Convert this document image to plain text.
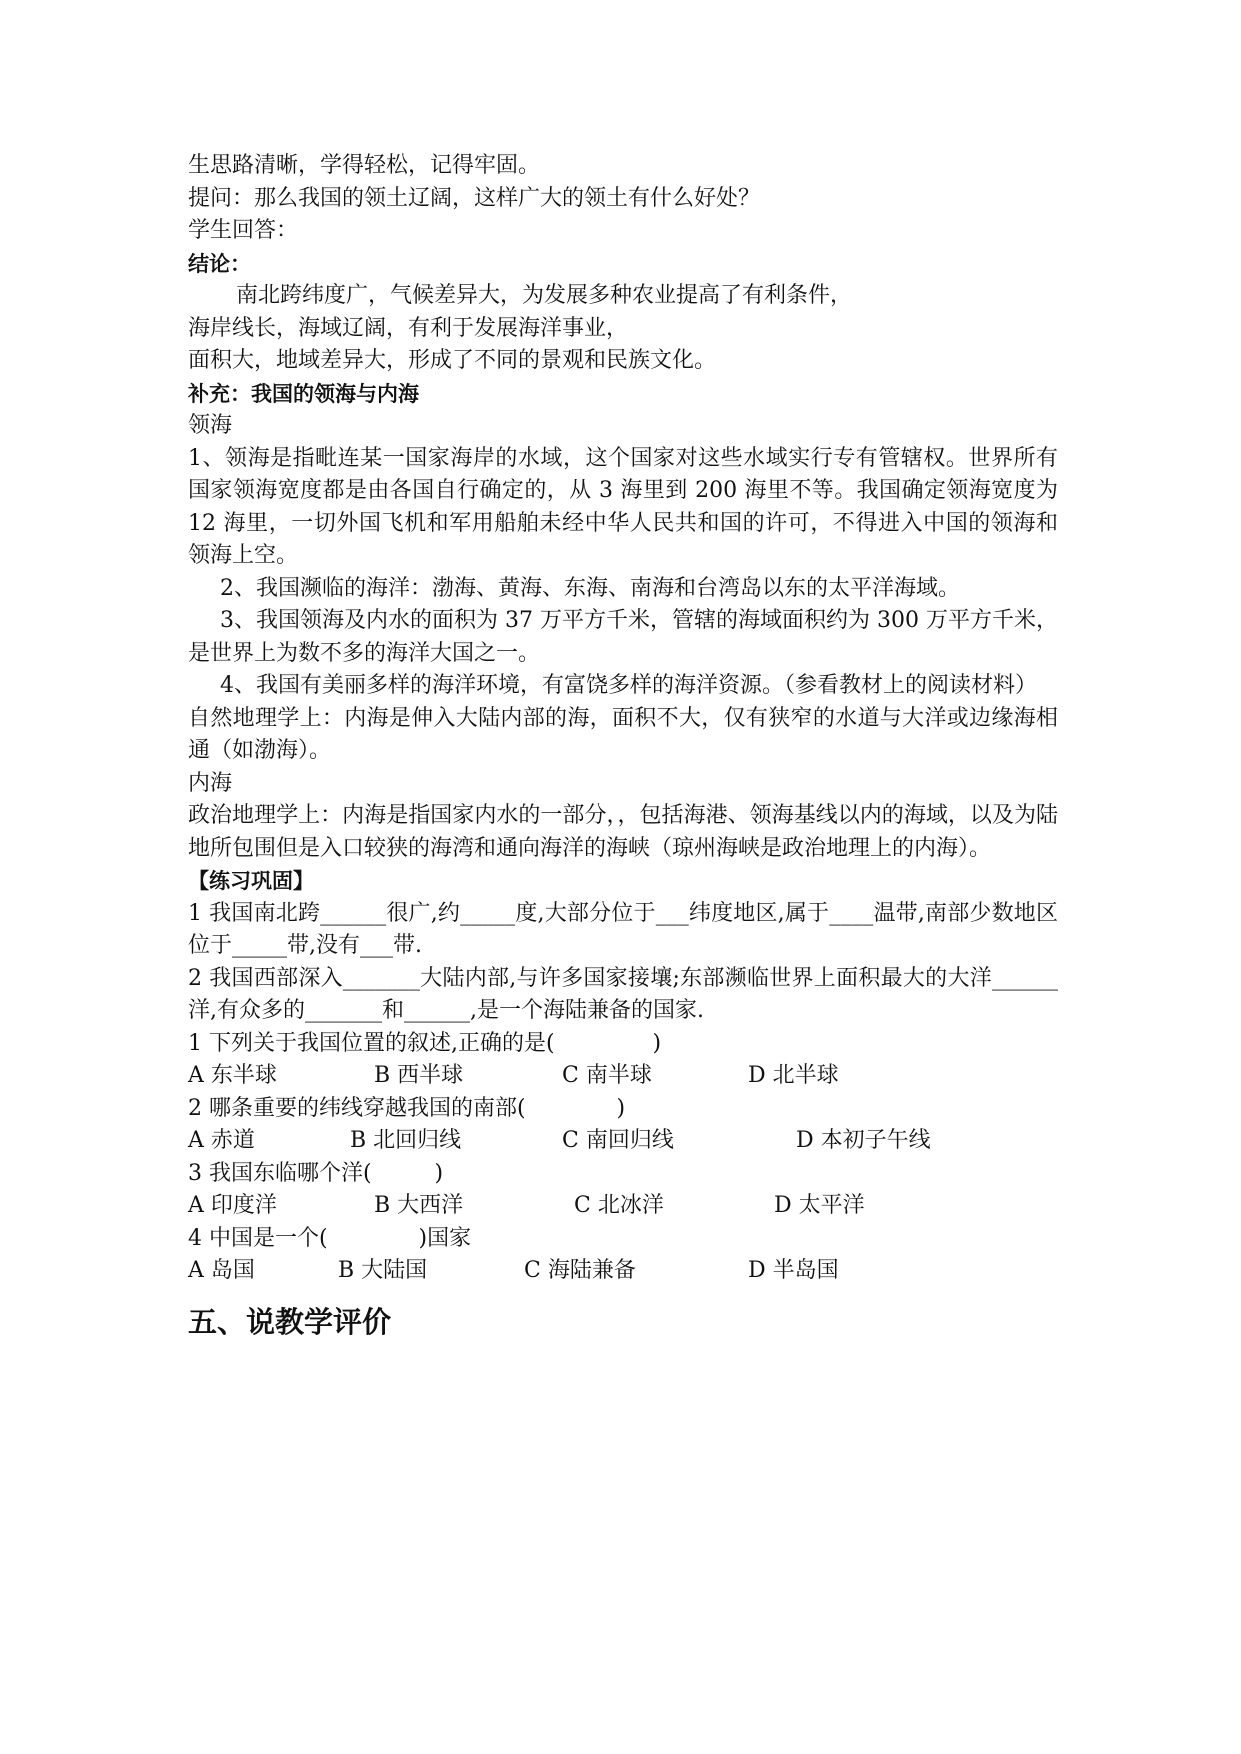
生思路清晰，学得轻松，记得牢固。
提问：那么我国的领土辽阔，这样广大的领土有什么好处？
学生回答：
结论：
南北跨纬度广，气候差异大，为发展多种农业提高了有利条件，
海岸线长，海域辽阔，有利于发展海洋事业，
面积大，地域差异大，形成了不同的景观和民族文化。
补充：我国的领海与内海
领海
1、领海是指毗连某一国家海岸的水域，这个国家对这些水域实行专有管辖权。世界所有国家领海宽度都是由各国自行确定的，从 3 海里到 200 海里不等。我国确定领海宽度为 12 海里，一切外国飞机和军用船舶未经中华人民共和国的许可，不得进入中国的领海和领海上空。
2、我国濒临的海洋：渤海、黄海、东海、南海和台湾岛以东的太平洋海域。
3、我国领海及内水的面积为 37 万平方千米，管辖的海域面积约为 300 万平方千米，是世界上为数不多的海洋大国之一。
4、我国有美丽多样的海洋环境，有富饶多样的海洋资源。（参看教材上的阅读材料）
自然地理学上：内海是伸入大陆内部的海，面积不大，仅有狭窄的水道与大洋或边缘海相通（如渤海）。
内海
政治地理学上：内海是指国家内水的一部分，，包括海港、领海基线以内的海域，以及为陆地所包围但是入口较狭的海湾和通向海洋的海峡（琼州海峡是政治地理上的内海）。
【练习巩固】
1 我国南北跨______很广,约_____度,大部分位于___纬度地区,属于____温带,南部少数地区位于_____带,没有___带.
2 我国西部深入_______大陆内部,与许多国家接壤;东部濒临世界上面积最大的大洋______洋,有众多的_______和______,是一个海陆兼备的国家.
1 下列关于我国位置的叙述,正确的是(              )
A 东半球	B 西半球	C 南半球	D 北半球
2 哪条重要的纬线穿越我国的南部(             )
A 赤道	B 北回归线	C 南回归线	D 本初子午线
3 我国东临哪个洋(         )
A 印度洋	B 大西洋	C 北冰洋	D 太平洋
4 中国是一个(             )国家
A 岛国	B 大陆国	C 海陆兼备	D 半岛国
五、说教学评价
